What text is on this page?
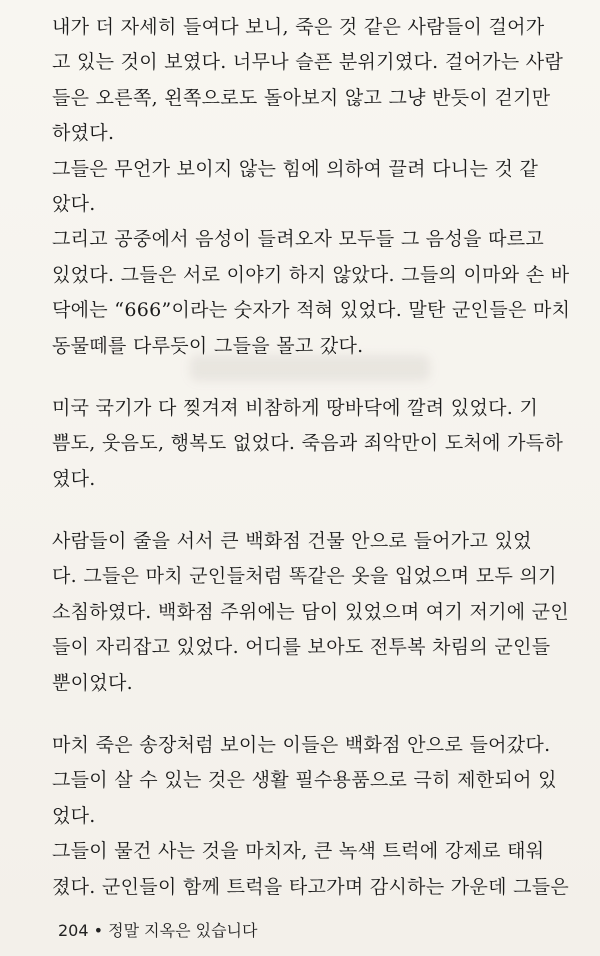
내가 더 자세히 들여다 보니, 죽은 것 같은 사람들이 걸어가
고 있는 것이 보였다. 너무나 슬픈 분위기였다. 걸어가는 사람
들은 오른쪽, 왼쪽으로도 돌아보지 않고 그냥 반듯이 걷기만
하였다.
그들은 무언가 보이지 않는 힘에 의하여 끌려 다니는 것 같
았다.
그리고 공중에서 음성이 들려오자 모두들 그 음성을 따르고
있었다. 그들은 서로 이야기 하지 않았다. 그들의 이마와 손 바
닥에는 “666”이라는 숫자가 적혀 있었다. 말탄 군인들은 마치
동물떼를 다루듯이 그들을 몰고 갔다.
미국 국기가 다 찢겨져 비참하게 땅바닥에 깔려 있었다. 기
쁨도, 웃음도, 행복도 없었다. 죽음과 죄악만이 도처에 가득하
였다.
사람들이 줄을 서서 큰 백화점 건물 안으로 들어가고 있었
다. 그들은 마치 군인들처럼 똑같은 옷을 입었으며 모두 의기
소침하였다. 백화점 주위에는 담이 있었으며 여기 저기에 군인
들이 자리잡고 있었다. 어디를 보아도 전투복 차림의 군인들
뿐이었다.
마치 죽은 송장처럼 보이는 이들은 백화점 안으로 들어갔다.
그들이 살 수 있는 것은 생활 필수용품으로 극히 제한되어 있
었다.
그들이 물건 사는 것을 마치자, 큰 녹색 트럭에 강제로 태워
졌다. 군인들이 함께 트럭을 타고가며 감시하는 가운데 그들은
204 • 정말 지옥은 있습니다
